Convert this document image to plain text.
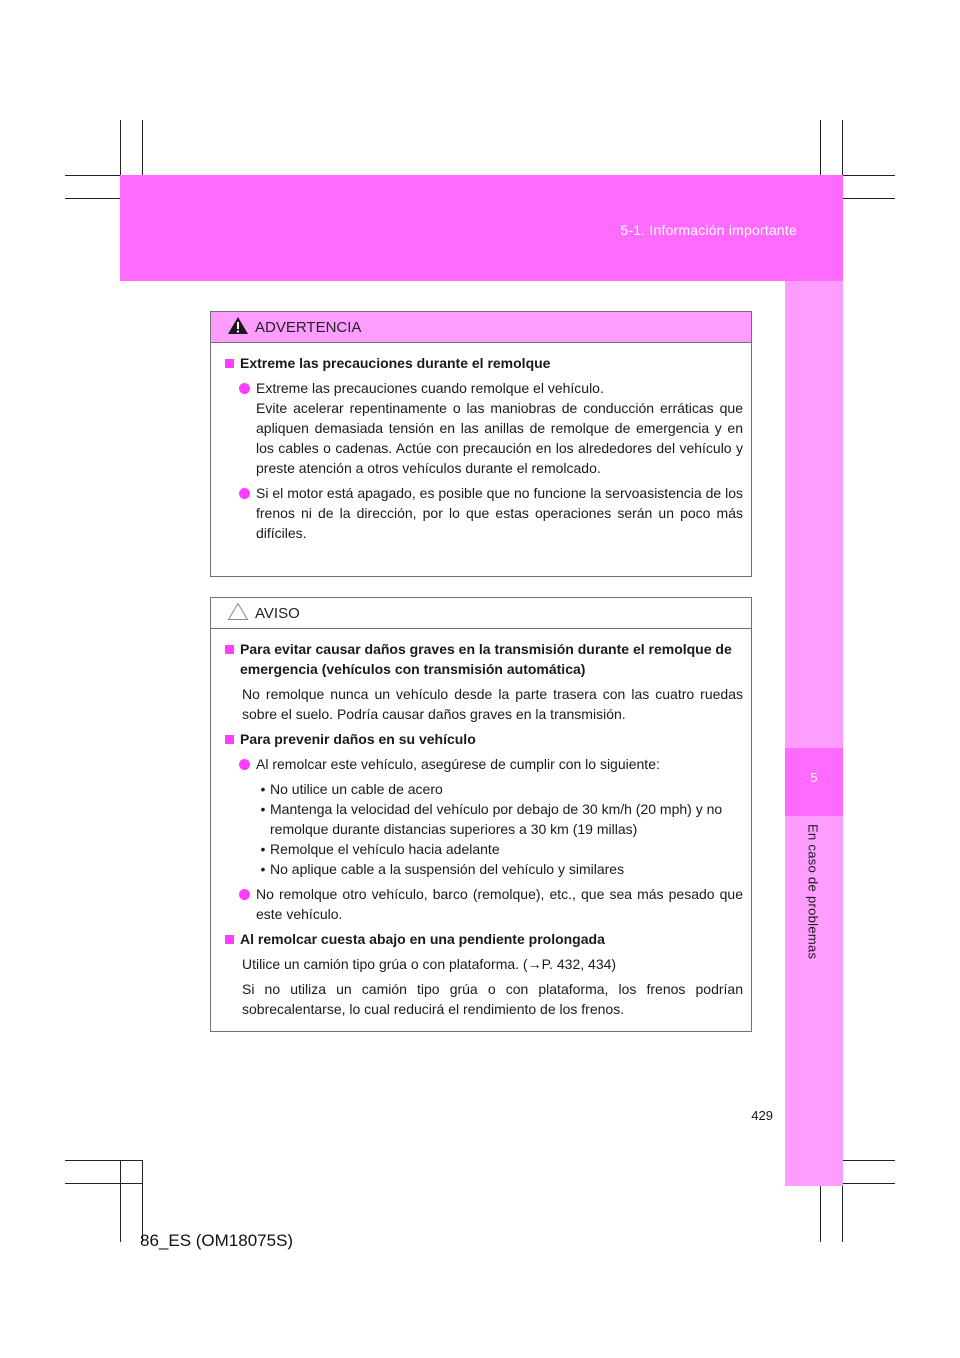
5-1. Información importante
5
En caso de problemas
ADVERTENCIA
Extreme las precauciones durante el remolque

Extreme las precauciones cuando remolque el vehículo.

Evite acelerar repentinamente o las maniobras de conducción erráticas que apliquen demasiada tensión en las anillas de remolque de emergencia y en los cables o cadenas. Actúe con precaución en los alrededores del vehículo y preste atención a otros vehículos durante el remolcado.

Si el motor está apagado, es posible que no funcione la servoasistencia de los frenos ni de la dirección, por lo que estas operaciones serán un poco más difíciles.

AVISO
Para evitar causar daños graves en la transmisión durante el remolque de emergencia (vehículos con transmisión automática)

No remolque nunca un vehículo desde la parte trasera con las cuatro ruedas sobre el suelo. Podría causar daños graves en la transmisión.

Para prevenir daños en su vehículo
Al remolcar este vehículo, asegúrese de cumplir con lo siguiente:
• No utilice un cable de acero
• Mantenga la velocidad del vehículo por debajo de 30 km/h (20 mph) y no remolque durante distancias superiores a 30 km (19 millas)
• Remolque el vehículo hacia adelante
• No aplique cable a la suspensión del vehículo y similares
No remolque otro vehículo, barco (remolque), etc., que sea más pesado que este vehículo.
Al remolcar cuesta abajo en una pendiente prolongada

Utilice un camión tipo grúa o con plataforma. (→P. 432, 434)

Si no utiliza un camión tipo grúa o con plataforma, los frenos podrían sobrecalentarse, lo cual reducirá el rendimiento de los frenos.

429
86_ES (OM18075S)
